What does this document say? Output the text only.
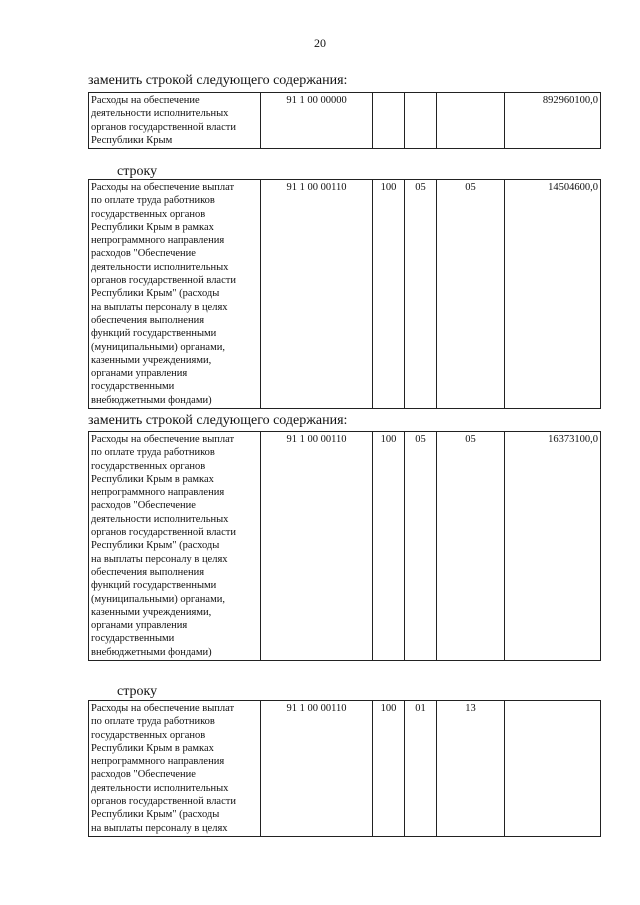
20
заменить строкой следующего содержания:
Расходы на обеспечение
деятельности исполнительных
органов государственной власти
Республики Крым
	91 1 00 00000				892960100,0
строку
Расходы на обеспечение выплат
по оплате труда работников
государственных органов
Республики Крым в рамках
непрограммного направления
расходов "Обеспечение
деятельности исполнительных
органов государственной власти
Республики Крым" (расходы
на выплаты персоналу в целях
обеспечения выполнения
функций государственными
(муниципальными) органами,
казенными учреждениями,
органами управления
государственными
внебюджетными фондами)
	91 1 00 00110	100	05	05	14504600,0
заменить строкой следующего содержания:
Расходы на обеспечение выплат
по оплате труда работников
государственных органов
Республики Крым в рамках
непрограммного направления
расходов "Обеспечение
деятельности исполнительных
органов государственной власти
Республики Крым" (расходы
на выплаты персоналу в целях
обеспечения выполнения
функций государственными
(муниципальными) органами,
казенными учреждениями,
органами управления
государственными
внебюджетными фондами)
	91 1 00 00110	100	05	05	16373100,0
строку
Расходы на обеспечение выплат
по оплате труда работников
государственных органов
Республики Крым в рамках
непрограммного направления
расходов "Обеспечение
деятельности исполнительных
органов государственной власти
Республики Крым" (расходы
на выплаты персоналу в целях
	91 1 00 00110	100	01	13	
